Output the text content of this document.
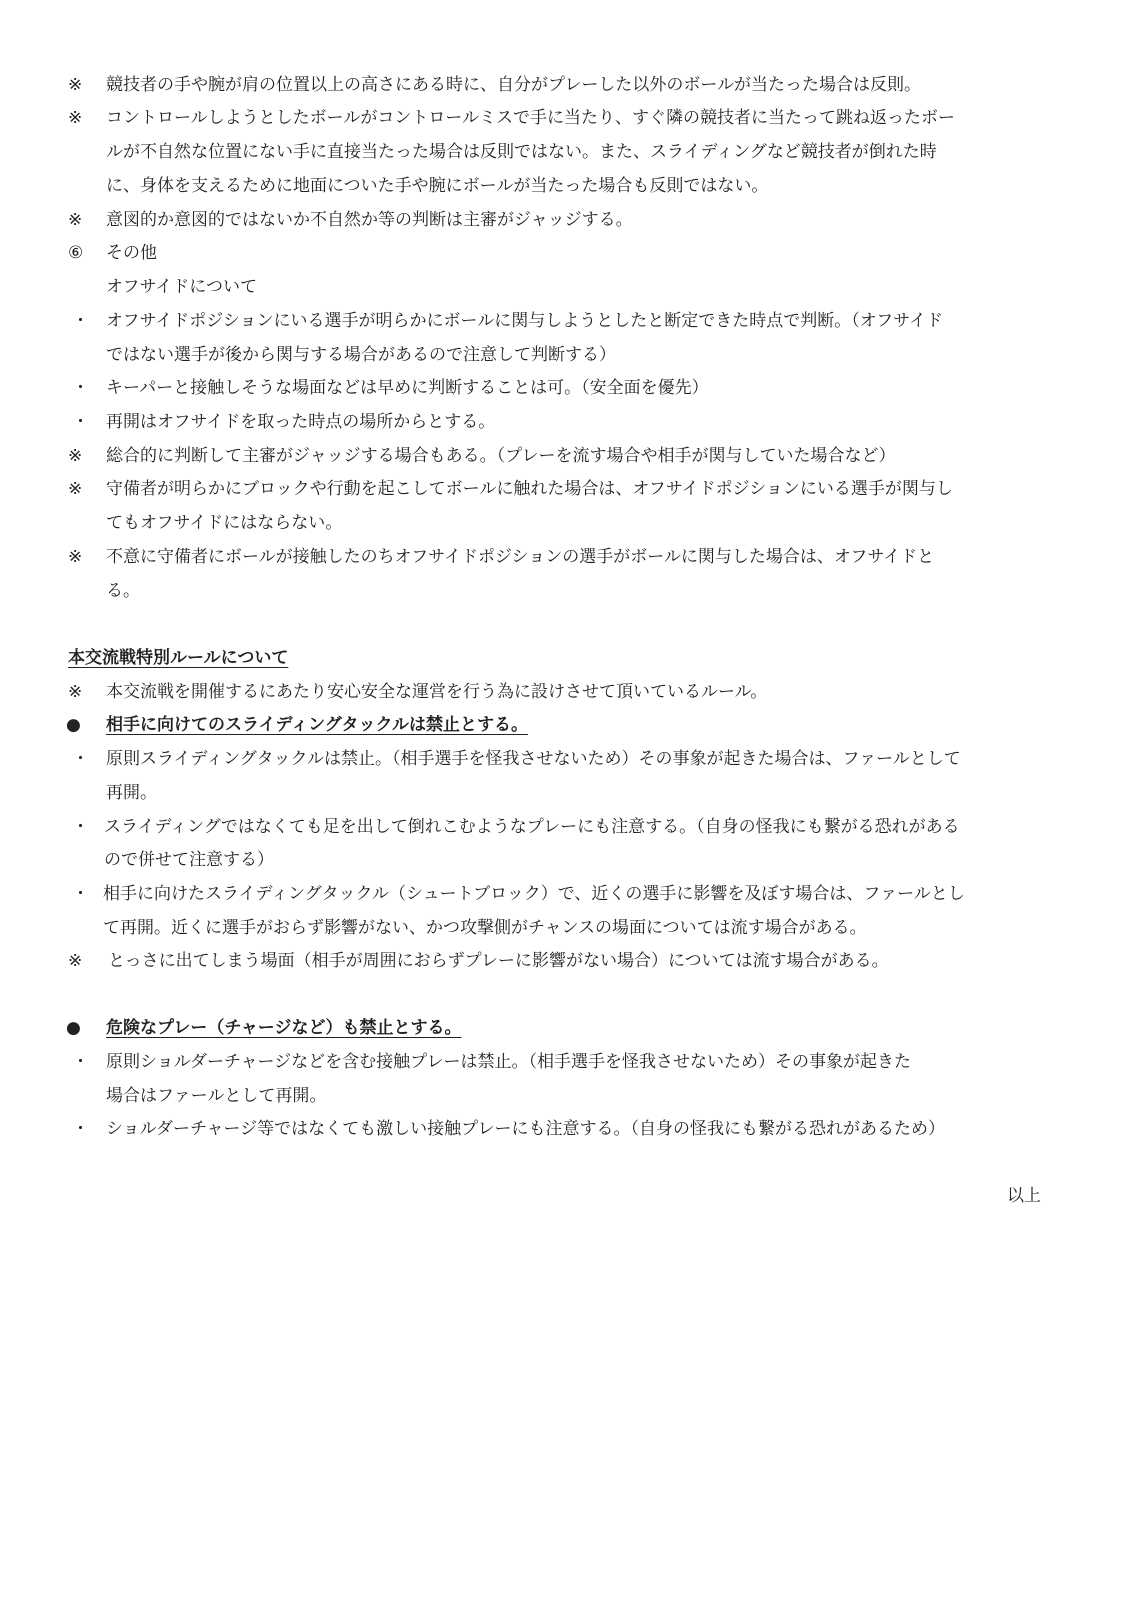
※	競技者の手や腕が肩の位置以上の高さにある時に、自分がプレーした以外のボールが当たった場合は反則。
※	コントロールしようとしたボールがコントロールミスで手に当たり、すぐ隣の競技者に当たって跳ね返ったボー
ルが不自然な位置にない手に直接当たった場合は反則ではない。また、スライディングなど競技者が倒れた時
に、身体を支えるために地面についた手や腕にボールが当たった場合も反則ではない。
※	意図的か意図的ではないか不自然か等の判断は主審がジャッジする。
⑥	その他
オフサイドについて
・	オフサイドポジションにいる選手が明らかにボールに関与しようとしたと断定できた時点で判断。（オフサイド
ではない選手が後から関与する場合があるので注意して判断する）
・	キーパーと接触しそうな場面などは早めに判断することは可。（安全面を優先）
・	再開はオフサイドを取った時点の場所からとする。
※	総合的に判断して主審がジャッジする場合もある。（プレーを流す場合や相手が関与していた場合など）
※	守備者が明らかにブロックや行動を起こしてボールに触れた場合は、オフサイドポジションにいる選手が関与し
てもオフサイドにはならない。
※	不意に守備者にボールが接触したのちオフサイドポジションの選手がボールに関与した場合は、オフサイドと
る。
本交流戦特別ルールについて
※	本交流戦を開催するにあたり安心安全な運営を行う為に設けさせて頂いているルール。
●	相手に向けてのスライディングタックルは禁止とする。
・	原則スライディングタックルは禁止。（相手選手を怪我させないため）その事象が起きた場合は、ファールとして
再開。
・ スライディングではなくても足を出して倒れこむようなプレーにも注意する。（自身の怪我にも繋がる恐れがある
ので併せて注意する）
・ 相手に向けたスライディングタックル（シュートブロック）で、近くの選手に影響を及ぼす場合は、ファールとし
て再開。近くに選手がおらず影響がない、かつ攻撃側がチャンスの場面については流す場合がある。
※	とっさに出てしまう場面（相手が周囲におらずプレーに影響がない場合）については流す場合がある。
●	危険なプレー（チャージなど）も禁止とする。
・	原則ショルダーチャージなどを含む接触プレーは禁止。（相手選手を怪我させないため）その事象が起きた
場合はファールとして再開。
・	ショルダーチャージ等ではなくても激しい接触プレーにも注意する。（自身の怪我にも繋がる恐れがあるため）
以上
